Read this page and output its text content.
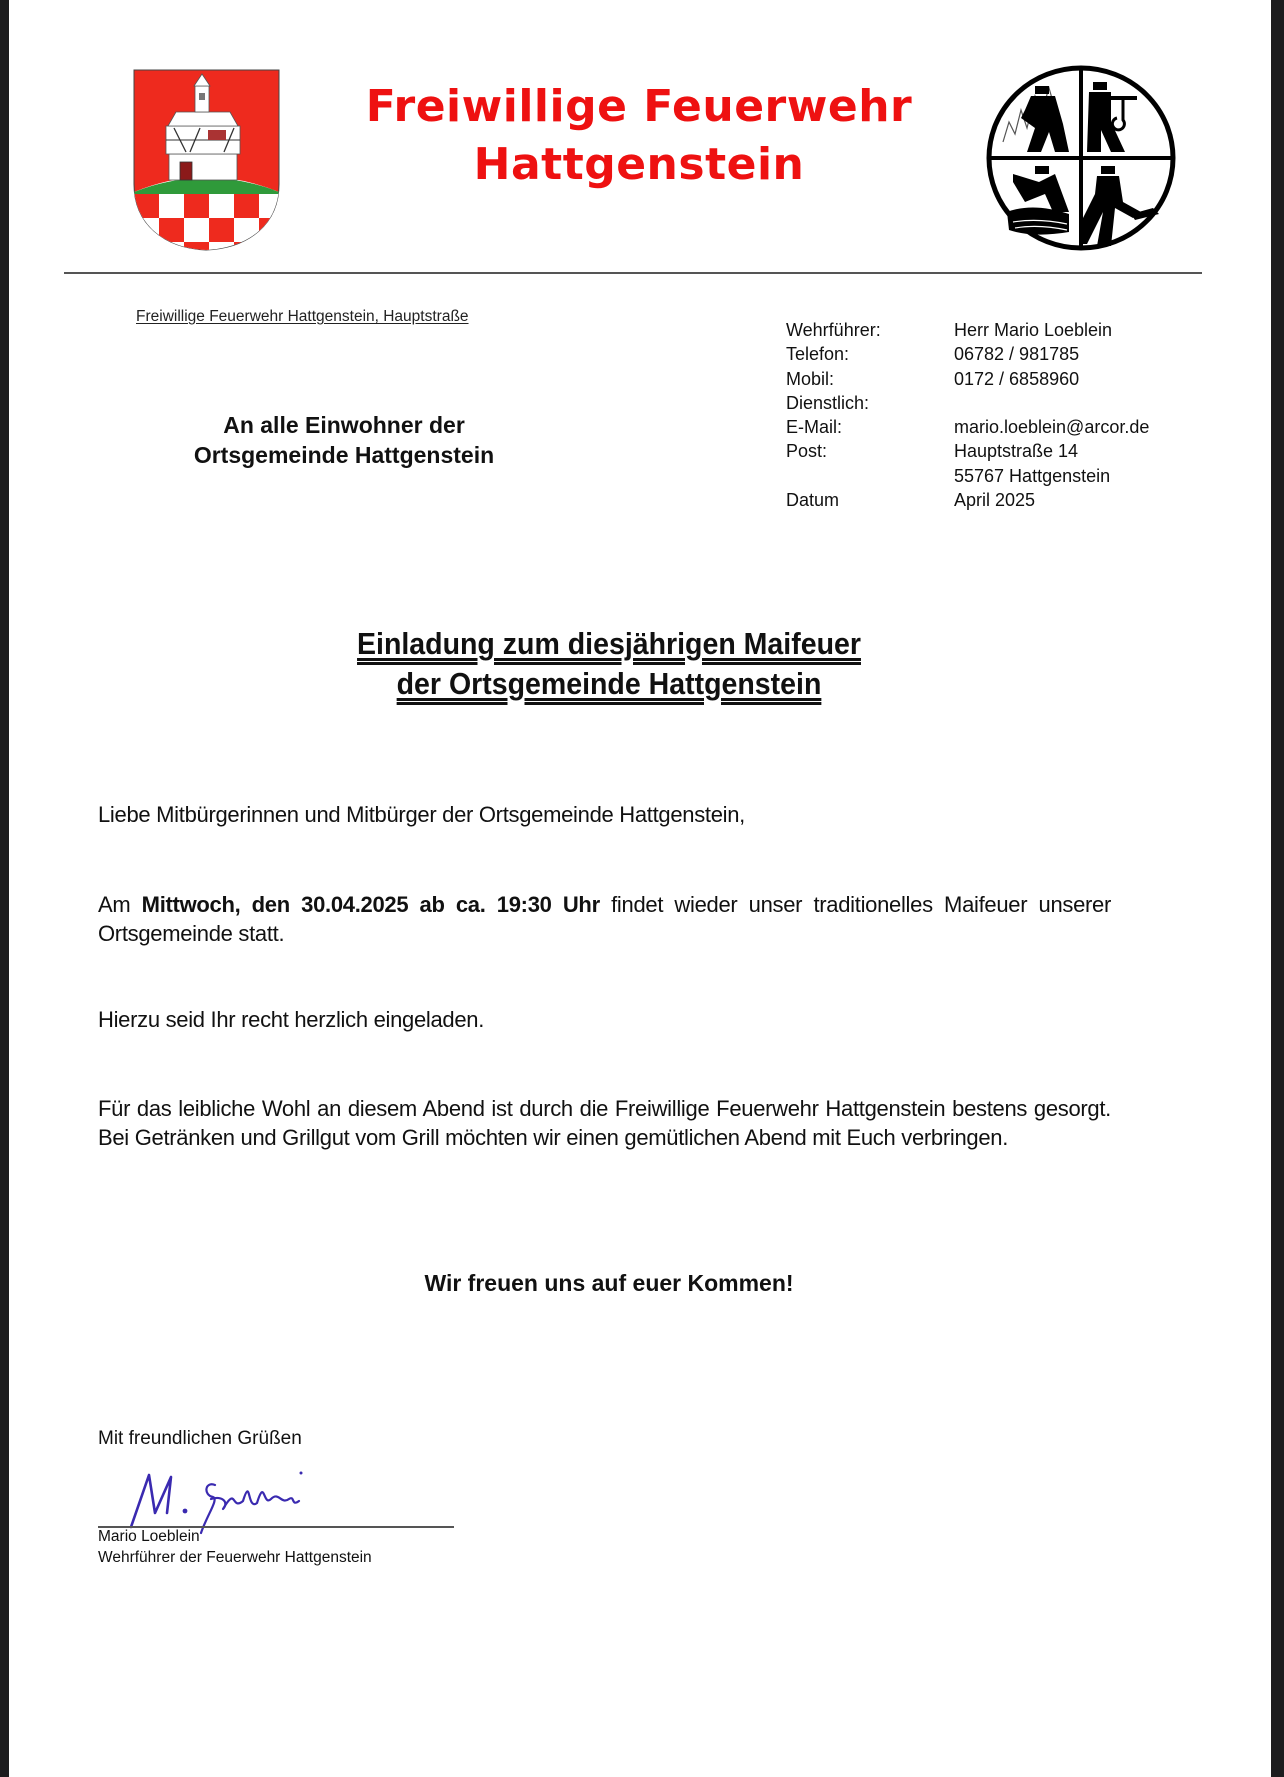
Freiwillige Feuerwehr
Hattgenstein
Freiwillige Feuerwehr Hattgenstein, Hauptstraße
An alle Einwohner der
Ortsgemeinde Hattgenstein
Wehrführer:	Herr Mario Loeblein
Telefon:	06782 / 981785
Mobil:	0172 / 6858960
Dienstlich:
E-Mail:	mario.loeblein@arcor.de
Post:	Hauptstraße 14
55767 Hattgenstein
Datum	April 2025
Einladung zum diesjährigen Maifeuer
der Ortsgemeinde Hattgenstein
Liebe Mitbürgerinnen und Mitbürger der Ortsgemeinde Hattgenstein,
Am Mittwoch, den 30.04.2025 ab ca. 19:30 Uhr findet wieder unser traditionelles Maifeuer unserer Ortsgemeinde statt.
Hierzu seid Ihr recht herzlich eingeladen.
Für das leibliche Wohl an diesem Abend ist durch die Freiwillige Feuerwehr Hattgenstein bestens gesorgt. Bei Getränken und Grillgut vom Grill möchten wir einen gemütlichen Abend mit Euch verbringen.
Wir freuen uns auf euer Kommen!
Mit freundlichen Grüßen
Mario Loeblein
Wehrführer der Feuerwehr Hattgenstein
